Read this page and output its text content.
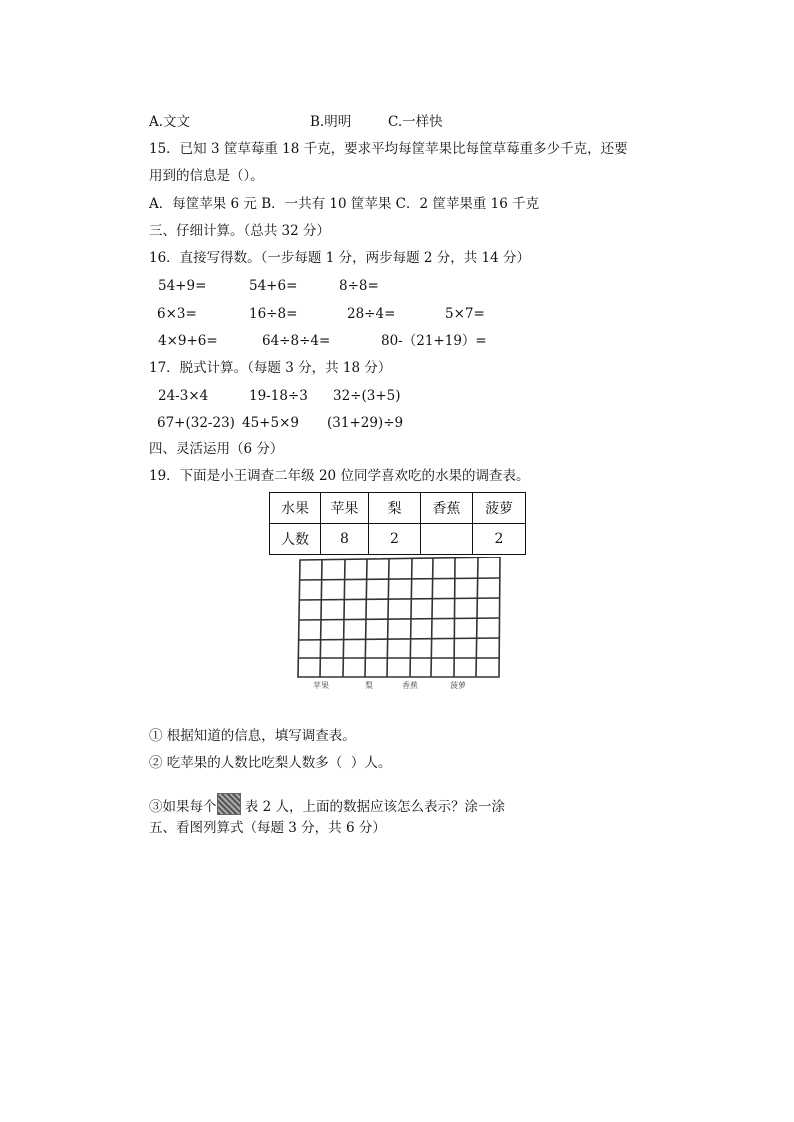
A.文文	B.明明	C.一样快
15．已知 3 筐草莓重 18 千克，要求平均每筐苹果比每筐草莓重多少千克，还要
用到的信息是（）。
A．每筐苹果 6 元 B．一共有 10 筐苹果 C．2 筐苹果重 16 千克
三、仔细计算。（总共 32 分）
16．直接写得数。（一步每题 1 分，两步每题 2 分，共 14 分）
54+9=	54+6=	8÷8=
6×3=	16÷8=	28÷4=	5×7=
4×9+6=	64÷8÷4=	80-（21+19）=
17．脱式计算。（每题 3 分，共 18 分）
24-3×4	19-18÷3 32÷(3+5)
67+(32-23) 45+5×9 (31+29)÷9
四、灵活运用（6 分）
19．下面是小王调查二年级 20 位同学喜欢吃的水果的调查表。
水果	苹果	梨	香蕉	菠萝
人数	8	2		2
苹果	梨	香蕉	菠萝
① 根据知道的信息，填写调查表。
② 吃苹果的人数比吃梨人数多（  ）人。
③如果每个 表 2 人，上面的数据应该怎么表示？涂一涂
五、看图列算式（每题 3 分，共 6 分）
